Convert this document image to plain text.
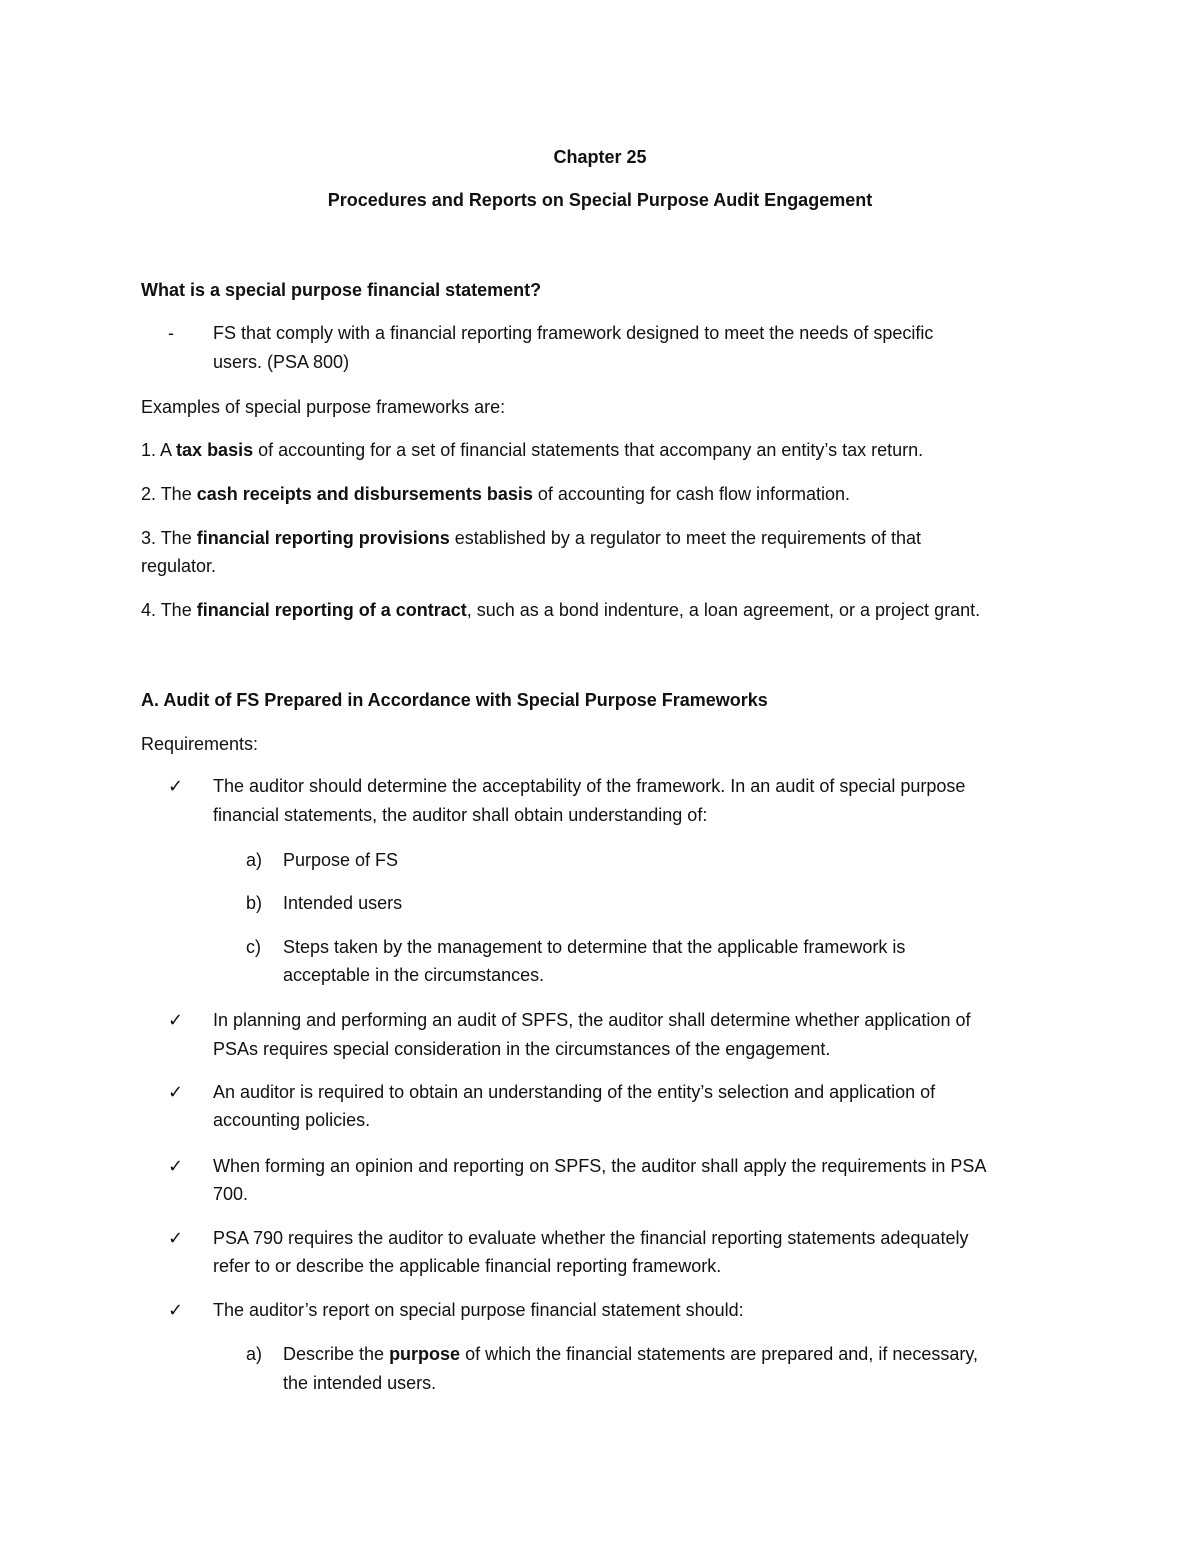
Chapter 25
Procedures and Reports on Special Purpose Audit Engagement
What is a special purpose financial statement?
- FS that comply with a financial reporting framework designed to meet the needs of specific
users. (PSA 800)
Examples of special purpose frameworks are:
1. A tax basis of accounting for a set of financial statements that accompany an entity’s tax return.
2. The cash receipts and disbursements basis of accounting for cash flow information.
3. The financial reporting provisions established by a regulator to meet the requirements of that
regulator.
4. The financial reporting of a contract, such as a bond indenture, a loan agreement, or a project grant.
A. Audit of FS Prepared in Accordance with Special Purpose Frameworks
Requirements:
✓ The auditor should determine the acceptability of the framework. In an audit of special purpose
financial statements, the auditor shall obtain understanding of:
a) Purpose of FS
b) Intended users
c) Steps taken by the management to determine that the applicable framework is
acceptable in the circumstances.
✓ In planning and performing an audit of SPFS, the auditor shall determine whether application of
PSAs requires special consideration in the circumstances of the engagement.
✓ An auditor is required to obtain an understanding of the entity’s selection and application of
accounting policies.
✓ When forming an opinion and reporting on SPFS, the auditor shall apply the requirements in PSA
700.
✓ PSA 790 requires the auditor to evaluate whether the financial reporting statements adequately
refer to or describe the applicable financial reporting framework.
✓ The auditor’s report on special purpose financial statement should:
a) Describe the purpose of which the financial statements are prepared and, if necessary,
the intended users.
